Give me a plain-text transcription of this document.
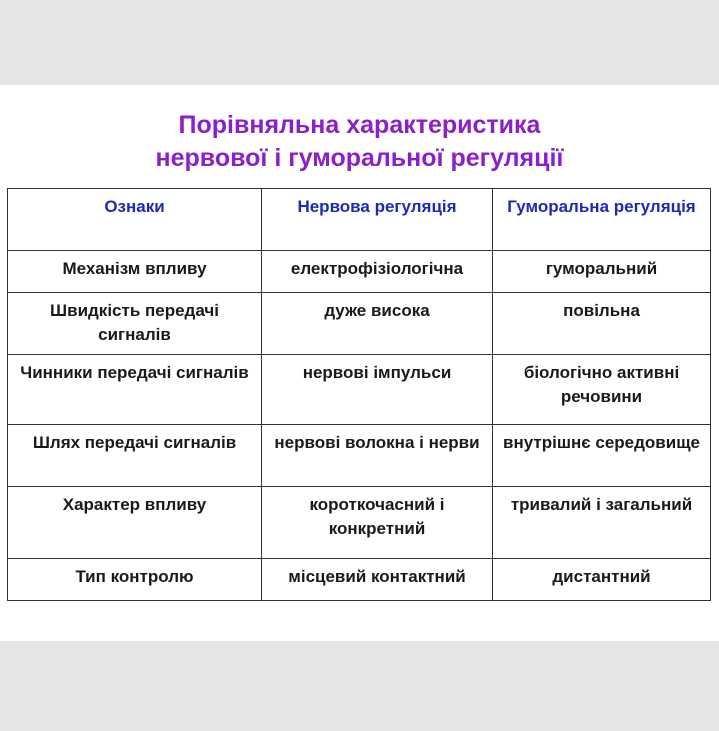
Порівняльна характеристика
нервової і гуморальної регуляції
Ознаки	Нервова регуляція	Гуморальна регуляція
Механізм впливу	електрофізіологічна	гуморальний
Швидкість передачі сигналів	дуже висока	повільна
Чинники передачі сигналів	нервові імпульси	біологічно активні речовини
Шлях передачі сигналів	нервові волокна і нерви	внутрішнє середовище
Характер впливу	короткочасний і конкретний	тривалий і загальний
Тип контролю	місцевий контактний	дистантний
